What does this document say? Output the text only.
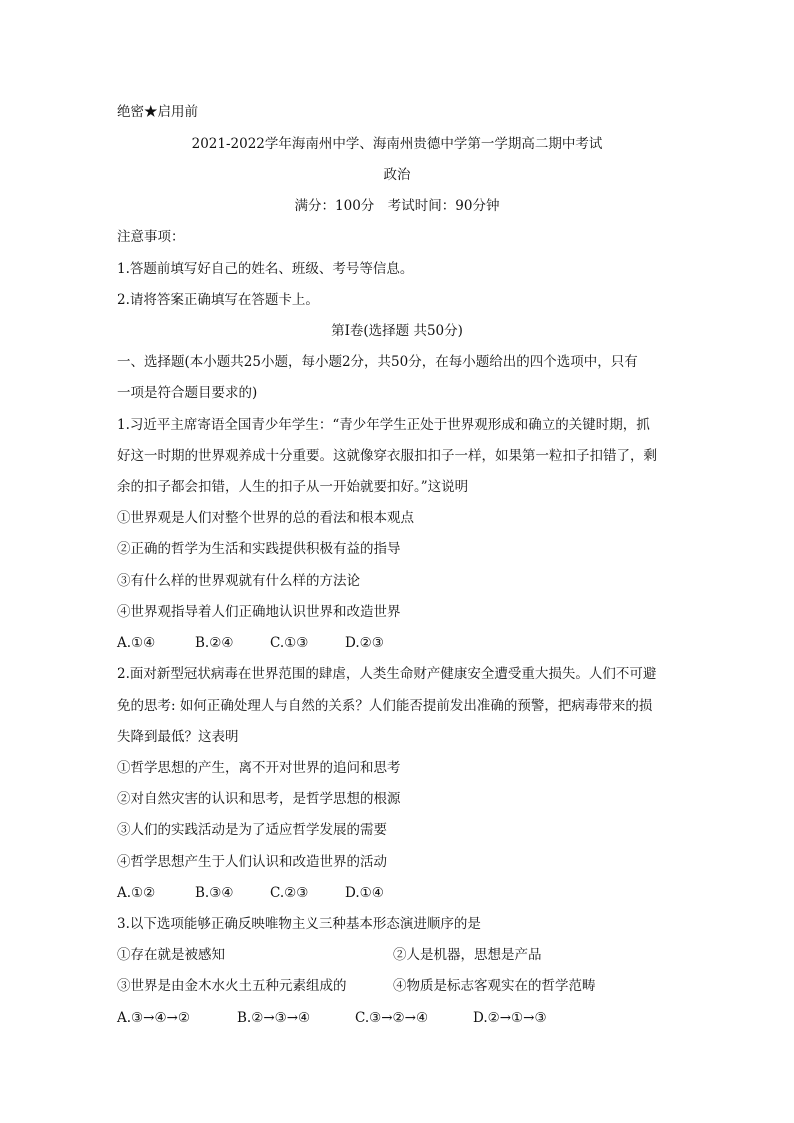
绝密★启用前
2021-2022学年海南州中学、海南州贵德中学第一学期高二期中考试
政治
满分：100分　考试时间：90分钟
注意事项：
1.答题前填写好自己的姓名、班级、考号等信息。
2.请将答案正确填写在答题卡上。
第Ⅰ卷(选择题 共50分)
一、选择题(本小题共25小题，每小题2分，共50分，在每小题给出的四个选项中，只有
一项是符合题目要求的)
1.习近平主席寄语全国青少年学生：“青少年学生正处于世界观形成和确立的关键时期，抓
好这一时期的世界观养成十分重要。这就像穿衣服扣扣子一样，如果第一粒扣子扣错了，剩
余的扣子都会扣错，人生的扣子从一开始就要扣好。”这说明
①世界观是人们对整个世界的总的看法和根本观点
②正确的哲学为生活和实践提供积极有益的指导
③有什么样的世界观就有什么样的方法论
④世界观指导着人们正确地认识世界和改造世界
A.①④	B.②④	C.①③	D.②③
2.面对新型冠状病毒在世界范围的肆虐，人类生命财产健康安全遭受重大损失。人们不可避
免的思考: 如何正确处理人与自然的关系？人们能否提前发出准确的预警，把病毒带来的损
失降到最低？这表明
①哲学思想的产生，离不开对世界的追问和思考
②对自然灾害的认识和思考，是哲学思想的根源
③人们的实践活动是为了适应哲学发展的需要
④哲学思想产生于人们认识和改造世界的活动
A.①②	B.③④	C.②③	D.①④
3.以下选项能够正确反映唯物主义三种基本形态演进顺序的是
①存在就是被感知	②人是机器，思想是产品
③世界是由金木水火土五种元素组成的	④物质是标志客观实在的哲学范畴
A.③→④→②	B.②→③→④	C.③→②→④	D.②→①→③
